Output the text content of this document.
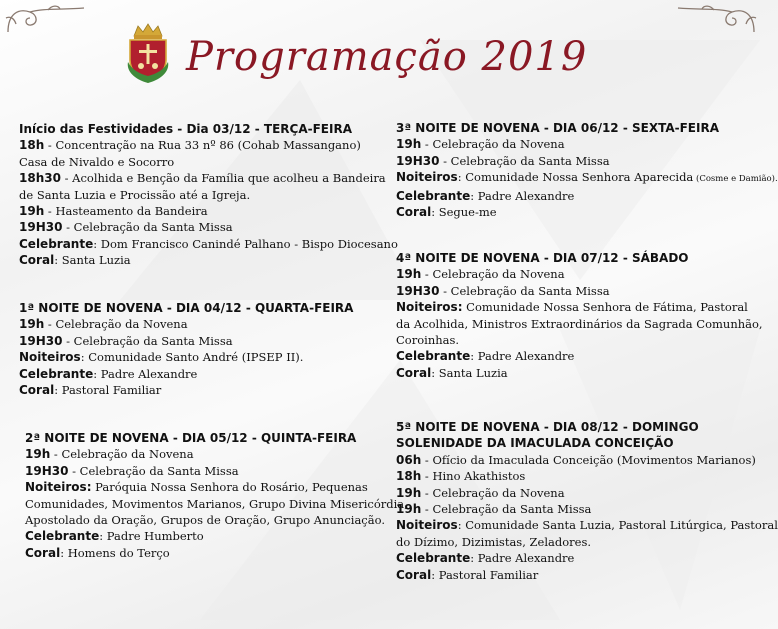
Programação 2019
Início das Festividades - Dia 03/12 - TERÇA-FEIRA
18h - Concentração na Rua 33 nº 86 (Cohab Massangano)
Casa de Nivaldo e Socorro
18h30 - Acolhida e Benção da Família que acolheu a Bandeira
de Santa Luzia e Procissão até a Igreja.
19h - Hasteamento da Bandeira
19H30 - Celebração da Santa Missa
Celebrante: Dom Francisco Canindé Palhano - Bispo Diocesano
Coral: Santa Luzia
1ª NOITE DE NOVENA - DIA 04/12 - QUARTA-FEIRA
19h - Celebração da Novena
19H30 - Celebração da Santa Missa
Noiteiros: Comunidade Santo André (IPSEP II).
Celebrante: Padre Alexandre
Coral: Pastoral Familiar
2ª NOITE DE NOVENA - DIA 05/12 - QUINTA-FEIRA
19h - Celebração da Novena
19H30 - Celebração da Santa Missa
Noiteiros: Paróquia Nossa Senhora do Rosário, Pequenas
Comunidades, Movimentos Marianos, Grupo Divina Misericórdia,
Apostolado da Oração, Grupos de Oração, Grupo Anunciação.
Celebrante: Padre Humberto
Coral: Homens do Terço
3ª NOITE DE NOVENA - DIA 06/12 - SEXTA-FEIRA
19h - Celebração da Novena
19H30 - Celebração da Santa Missa
Noiteiros: Comunidade Nossa Senhora Aparecida (Cosme e Damião).
Celebrante: Padre Alexandre
Coral: Segue-me
4ª NOITE DE NOVENA - DIA 07/12 - SÁBADO
19h - Celebração da Novena
19H30 - Celebração da Santa Missa
Noiteiros: Comunidade Nossa Senhora de Fátima, Pastoral
da Acolhida, Ministros Extraordinários da Sagrada Comunhão,
Coroinhas.
Celebrante: Padre Alexandre
Coral: Santa Luzia
5ª NOITE DE NOVENA - DIA 08/12 - DOMINGO
SOLENIDADE DA IMACULADA CONCEIÇÃO
06h - Ofício da Imaculada Conceição (Movimentos Marianos)
18h - Hino Akathistos
19h - Celebração da Novena
19h - Celebração da Santa Missa
Noiteiros: Comunidade Santa Luzia, Pastoral Litúrgica, Pastoral
do Dízimo, Dizimistas, Zeladores.
Celebrante: Padre Alexandre
Coral: Pastoral Familiar
